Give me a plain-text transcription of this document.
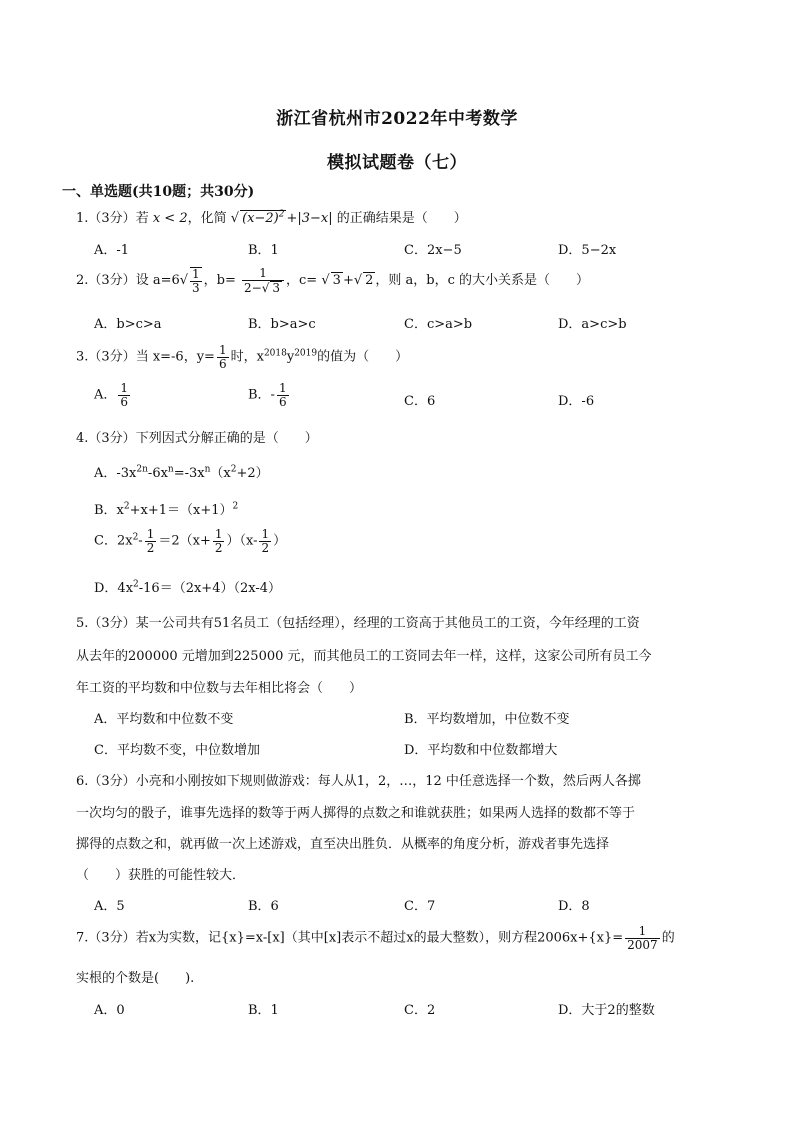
浙江省杭州市2022年中考数学
模拟试题卷（七）
一、单选题(共10题；共30分)
1.（3分）若 x < 2，化简 √ $(x-2)^2 +|3-x|$ 的正确结果是（　　）
A．-1	B．1	C．2x−5	D．5−2x
2.（3分）设 $a=6√ \frac{1}{3}$ ，$b= \frac{1}{2-√ 3}$ ，c= √ 3 +√ 2 ，则 a，b，c 的大小关系是（　　）
A．b>c>a	B．b>a>c	C．c>a>b	D．a>c>b
3.（3分）当 x=-6，$y= \frac{1}{6}$ 时，$x^{2018}y^{2019}$的值为（　　）
A． $\frac{1}{6}$	B．- $\frac{1}{6}$	C．6	D．-6
4.（3分）下列因式分解正确的是（　　）
A．$-3x^{2n}-6x^n=-3x^n(x^2+2)$
B．$x^2+x+1=(x+1)^2$
C．$2x^2- \frac{1}{2} =2(x+ \frac{1}{2} )(x- \frac{1}{2}$ ）
D．$4x^2-16=(2x+4)(2x-4)$
5.（3分）某一公司共有51名员工（包括经理），经理的工资高于其他员工的工资，今年经理的工资
从去年的200000 元增加到225000 元，而其他员工的工资同去年一样，这样，这家公司所有员工今
年工资的平均数和中位数与去年相比将会（　　）
A．平均数和中位数不变	B．平均数增加，中位数不变
C．平均数不变，中位数增加	D．平均数和中位数都增大
6.（3分）小亮和小刚按如下规则做游戏：每人从1，2，…，12 中任意选择一个数，然后两人各掷
一次均匀的骰子，谁事先选择的数等于两人掷得的点数之和谁就获胜；如果两人选择的数都不等于
掷得的点数之和，就再做一次上述游戏，直至决出胜负．从概率的角度分析，游戏者事先选择
（　　）获胜的可能性较大．
A．5	B．6	C．7	D．8
7.（3分）若x为实数，记{x}=x-[x]（其中[x]表示不超过x的最大整数），则方程$2006x+\{x\}= \frac{1}{2007}$ 的
实根的个数是(　　).
A．0	B．1	C．2	D．大于2的整数
